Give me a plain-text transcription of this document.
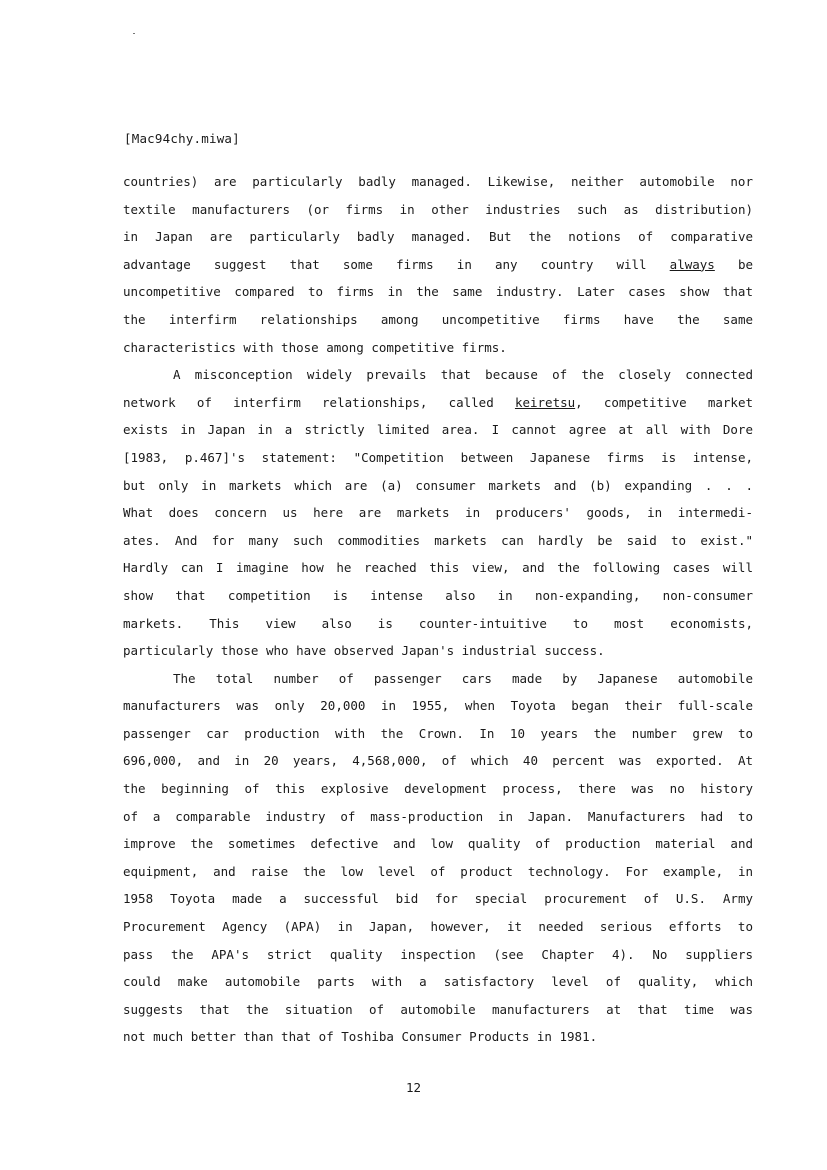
[Mac94chy.miwa]
countries) are particularly badly managed. Likewise, neither automobile nor
textile manufacturers (or firms in other industries such as distribution)
in Japan are particularly badly managed. But the notions of comparative
advantage suggest that some firms in any country will always be
uncompetitive compared to firms in the same industry. Later cases show that
the interfirm relationships among uncompetitive firms have the same
characteristics with those among competitive firms.
A misconception widely prevails that because of the closely connected
network of interfirm relationships, called keiretsu, competitive market
exists in Japan in a strictly limited area. I cannot agree at all with Dore
[1983, p.467]'s statement: "Competition between Japanese firms is intense,
but only in markets which are (a) consumer markets and (b) expanding . . .
What does concern us here are markets in producers' goods, in intermedi-
ates. And for many such commodities markets can hardly be said to exist."
Hardly can I imagine how he reached this view, and the following cases will
show that competition is intense also in non-expanding, non-consumer
markets. This view also is counter-intuitive to most economists,
particularly those who have observed Japan's industrial success.
The total number of passenger cars made by Japanese automobile
manufacturers was only 20,000 in 1955, when Toyota began their full-scale
passenger car production with the Crown. In 10 years the number grew to
696,000, and in 20 years, 4,568,000, of which 40 percent was exported. At
the beginning of this explosive development process, there was no history
of a comparable industry of mass-production in Japan. Manufacturers had to
improve the sometimes defective and low quality of production material and
equipment, and raise the low level of product technology. For example, in
1958 Toyota made a successful bid for special procurement of U.S. Army
Procurement Agency (APA) in Japan, however, it needed serious efforts to
pass the APA's strict quality inspection (see Chapter 4). No suppliers
could make automobile parts with a satisfactory level of quality, which
suggests that the situation of automobile manufacturers at that time was
not much better than that of Toshiba Consumer Products in 1981.
12
